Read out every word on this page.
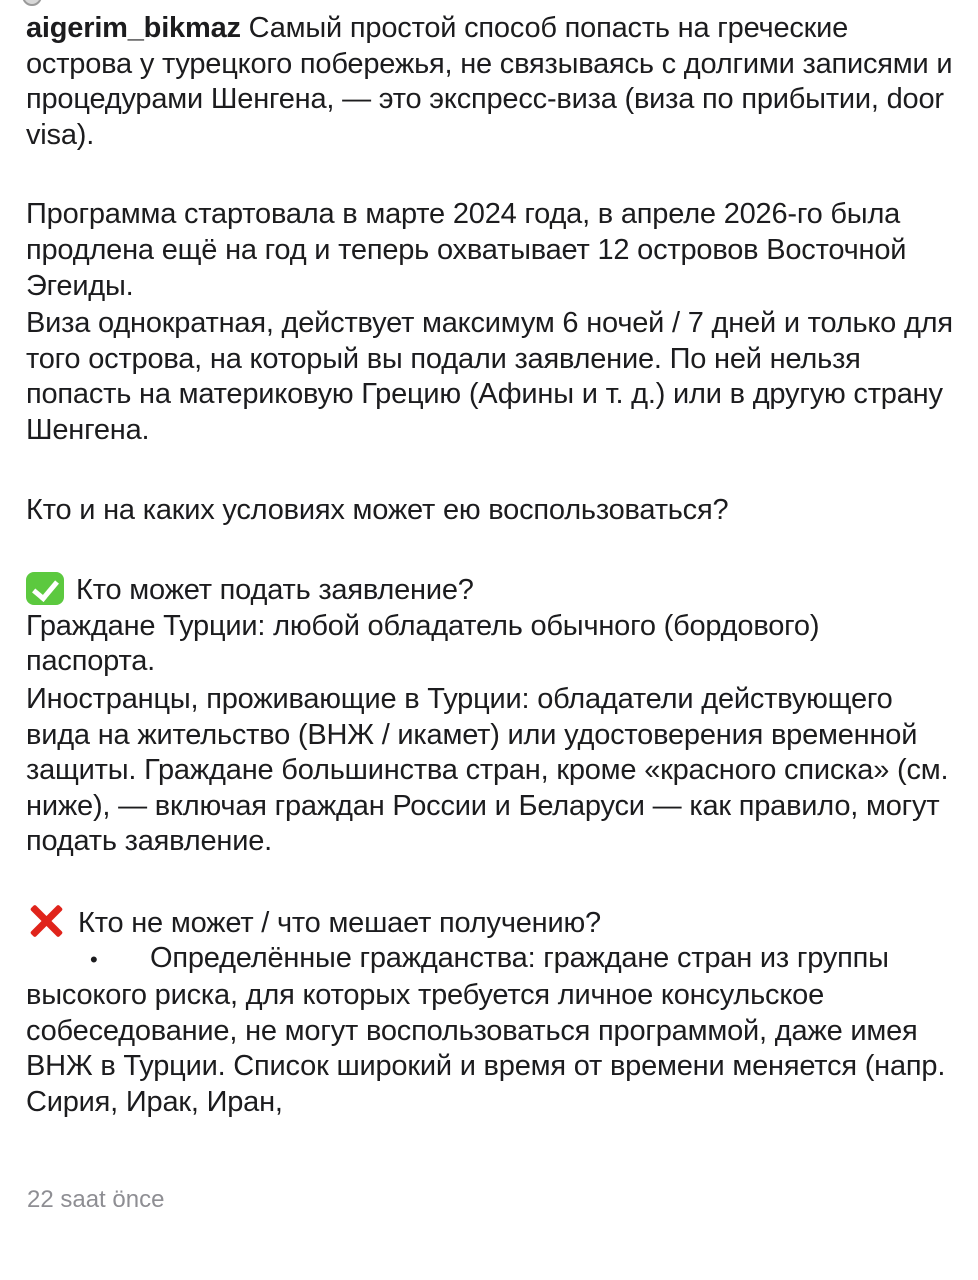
aigerim_bikmaz Самый простой способ попасть на греческие острова у турецкого побережья, не связываясь с долгими записями и процедурами Шенгена, — это экспресс-виза (виза по прибытии, door visa).

Программа стартовала в марте 2024 года, в апреле 2026-го была продлена ещё на год и теперь охватывает 12 островов Восточной Эгеиды.

Виза однократная, действует максимум 6 ночей / 7 дней и только для того острова, на который вы подали заявление. По ней нельзя попасть на материковую Грецию (Афины и т. д.) или в другую страну Шенгена.

Кто и на каких условиях может ею воспользоваться?

Кто может подать заявление?

Граждане Турции: любой обладатель обычного (бордового) паспорта.

Иностранцы, проживающие в Турции: обладатели действующего вида на жительство (ВНЖ / икамет) или удостоверения временной защиты. Граждане большинства стран, кроме «красного списка» (см. ниже), — включая граждан России и Беларуси — как правило, могут подать заявление.

Кто не может / что мешает получению?

• Определённые гражданства: граждане стран из группы высокого риска, для которых требуется личное консульское собеседование, не могут воспользоваться программой, даже имея ВНЖ в Турции. Список широкий и время от времени меняется (напр. Сирия, Ирак, Иран,

22 saat önce
